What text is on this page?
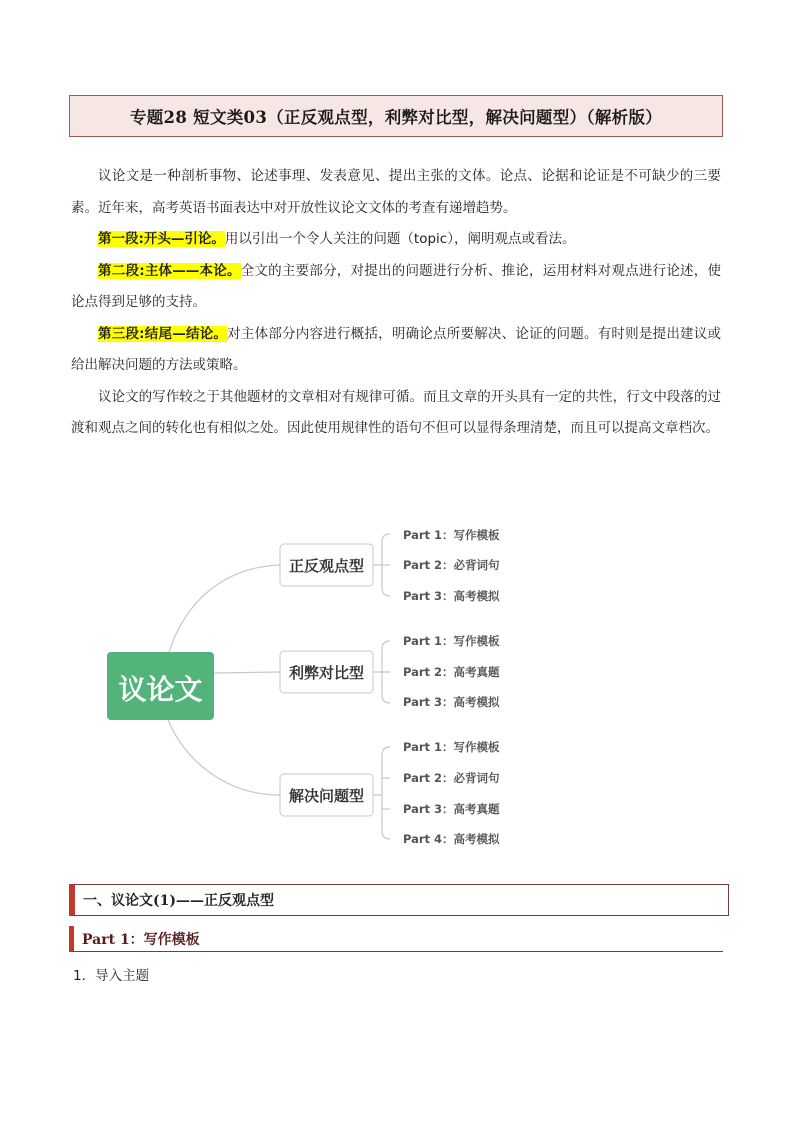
专题28 短文类03（正反观点型，利弊对比型，解决问题型）（解析版）

议论文是一种剖析事物、论述事理、发表意见、提出主张的文体。论点、论据和论证是不可缺少的三要素。近年来，高考英语书面表达中对开放性议论文文体的考查有递增趋势。

第一段:开头—引论。用以引出一个令人关注的问题（topic），阐明观点或看法。

第二段:主体——本论。全文的主要部分，对提出的问题进行分析、推论，运用材料对观点进行论述，使论点得到足够的支持。

第三段:结尾—结论。对主体部分内容进行概括，明确论点所要解决、论证的问题。有时则是提出建议或给出解决问题的方法或策略。

议论文的写作较之于其他题材的文章相对有规律可循。而且文章的开头具有一定的共性，行文中段落的过渡和观点之间的转化也有相似之处。因此使用规律性的语句不但可以显得条理清楚，而且可以提高文章档次。

议论文
正反观点型
Part 1：写作模板
Part 2：必背词句
Part 3：高考模拟
利弊对比型
Part 1：写作模板
Part 2：高考真题
Part 3：高考模拟
解决问题型
Part 1：写作模板
Part 2：必背词句
Part 3：高考真题
Part 4：高考模拟
一、议论文(1)——正反观点型
Part 1：写作模板
1．导入主题
